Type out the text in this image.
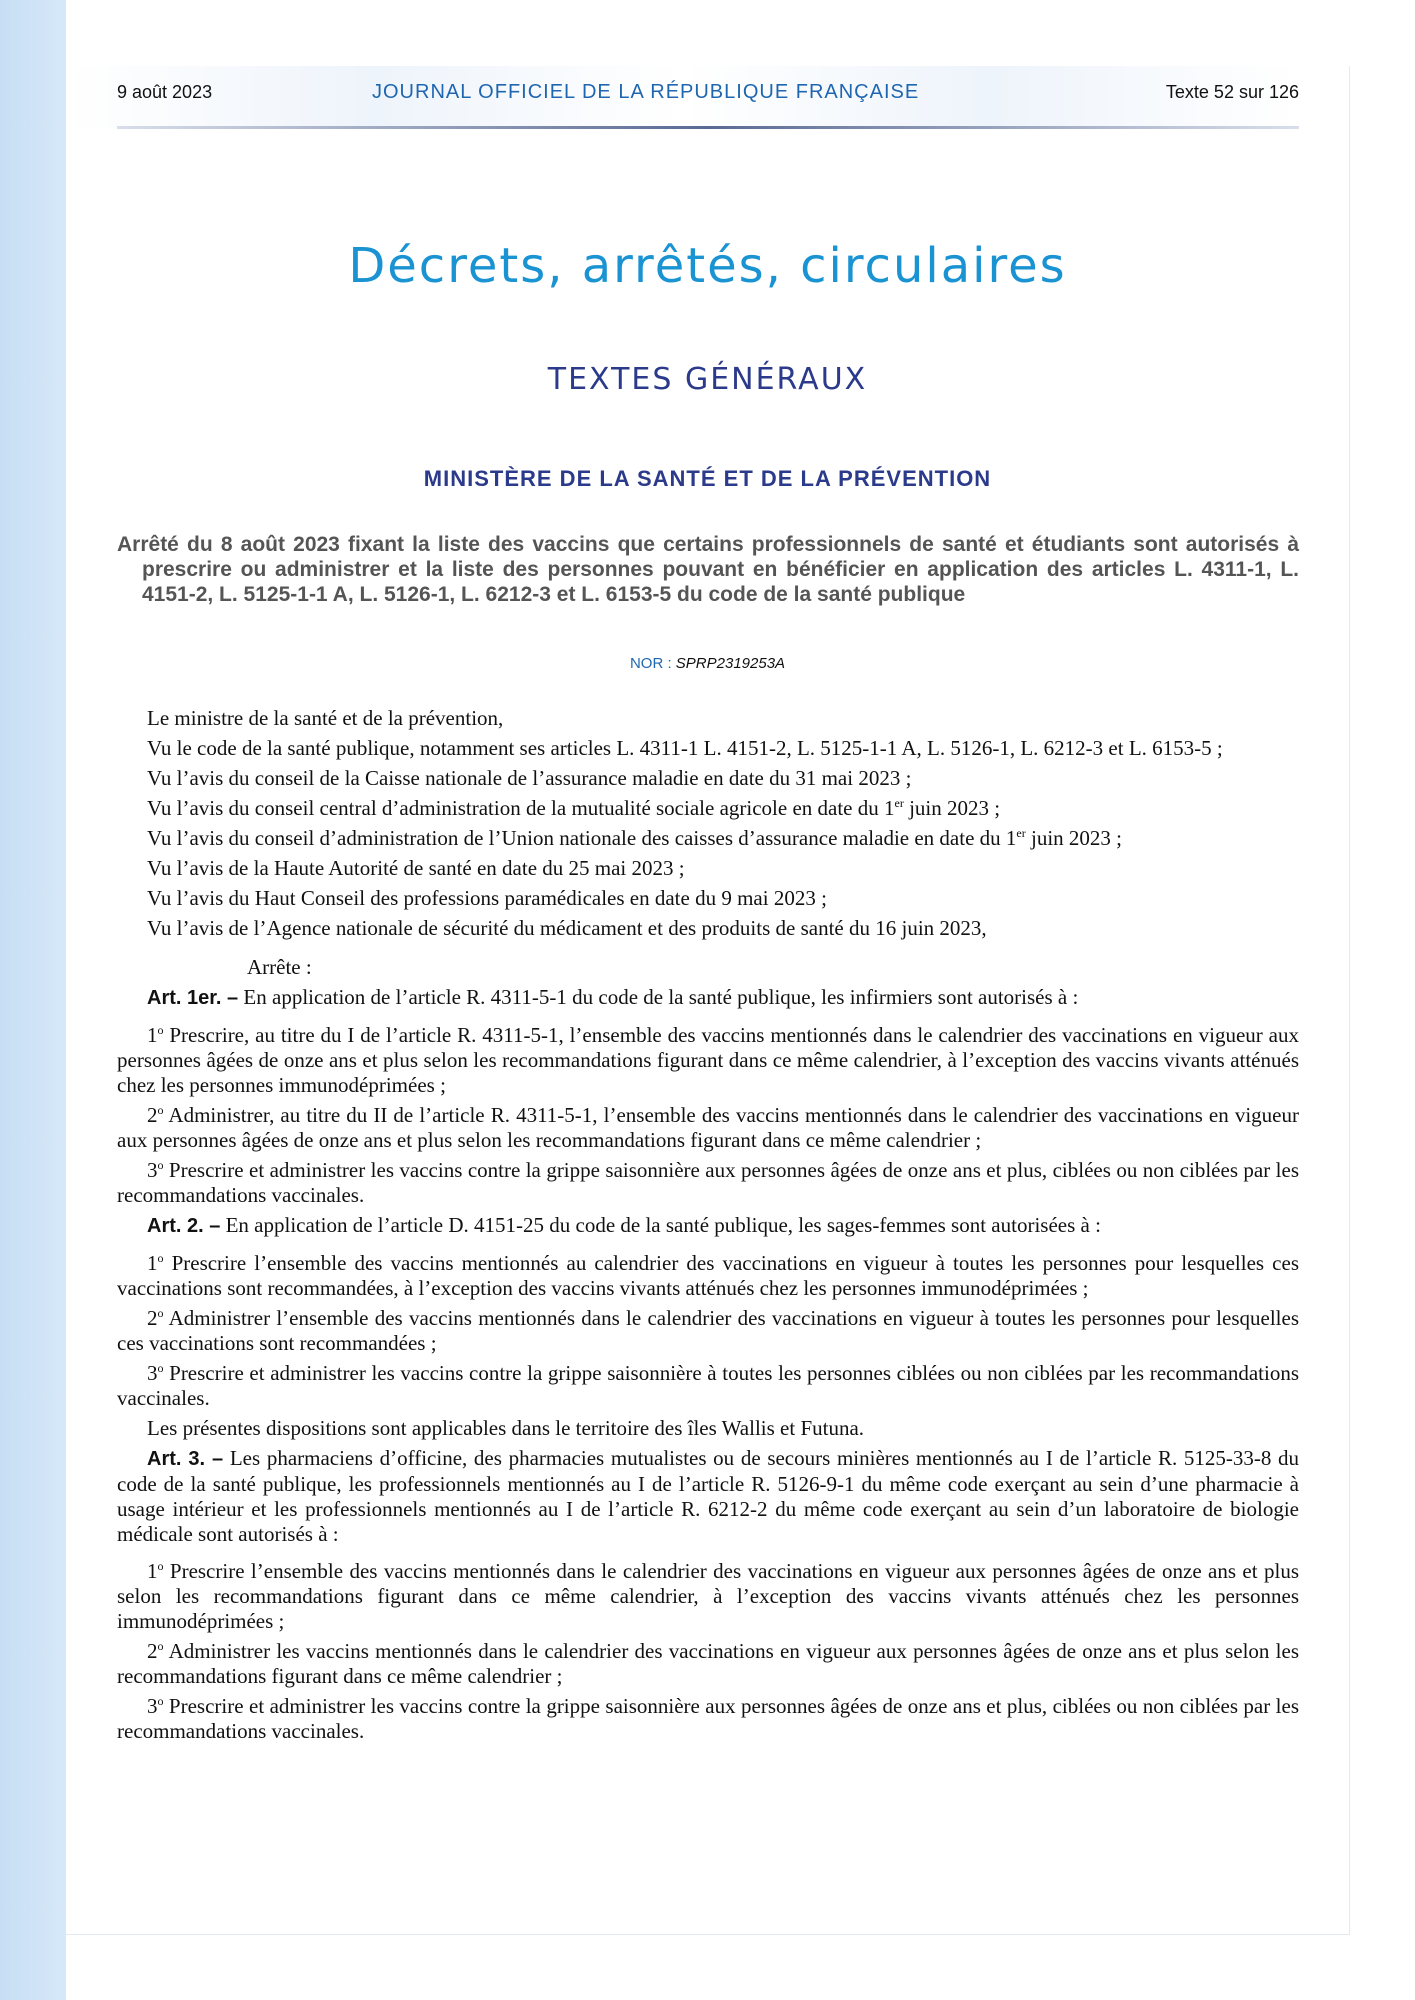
9 août 2023	JOURNAL OFFICIEL DE LA RÉPUBLIQUE FRANÇAISE	Texte 52 sur 126
Décrets, arrêtés, circulaires
TEXTES GÉNÉRAUX
MINISTÈRE DE LA SANTÉ ET DE LA PRÉVENTION
Arrêté du 8 août 2023 fixant la liste des vaccins que certains professionnels de santé et étudiants sont autorisés à prescrire ou administrer et la liste des personnes pouvant en bénéficier en application des articles L. 4311-1, L. 4151-2, L. 5125-1-1 A, L. 5126-1, L. 6212-3 et L. 6153-5 du code de la santé publique
NOR : SPRP2319253A

Le ministre de la santé et de la prévention,

Vu le code de la santé publique, notamment ses articles L. 4311-1 L. 4151-2, L. 5125-1-1 A, L. 5126-1, L. 6212-3 et L. 6153-5 ;

Vu l’avis du conseil de la Caisse nationale de l’assurance maladie en date du 31 mai 2023 ;

Vu l’avis du conseil central d’administration de la mutualité sociale agricole en date du 1er juin 2023 ;

Vu l’avis du conseil d’administration de l’Union nationale des caisses d’assurance maladie en date du 1er juin 2023 ;

Vu l’avis de la Haute Autorité de santé en date du 25 mai 2023 ;

Vu l’avis du Haut Conseil des professions paramédicales en date du 9 mai 2023 ;

Vu l’avis de l’Agence nationale de sécurité du médicament et des produits de santé du 16 juin 2023,

Arrête :

Art. 1er. – En application de l’article R. 4311-5-1 du code de la santé publique, les infirmiers sont autorisés à :

1$^o$ Prescrire, au titre du I de l’article R. 4311-5-1, l’ensemble des vaccins mentionnés dans le calendrier des vaccinations en vigueur aux personnes âgées de onze ans et plus selon les recommandations figurant dans ce même calendrier, à l’exception des vaccins vivants atténués chez les personnes immunodéprimées ;

2$^o$ Administrer, au titre du II de l’article R. 4311-5-1, l’ensemble des vaccins mentionnés dans le calendrier des vaccinations en vigueur aux personnes âgées de onze ans et plus selon les recommandations figurant dans ce même calendrier ;

3$^o$ Prescrire et administrer les vaccins contre la grippe saisonnière aux personnes âgées de onze ans et plus, ciblées ou non ciblées par les recommandations vaccinales.

Art. 2. – En application de l’article D. 4151-25 du code de la santé publique, les sages-femmes sont autorisées à :

1$^o$ Prescrire l’ensemble des vaccins mentionnés au calendrier des vaccinations en vigueur à toutes les personnes pour lesquelles ces vaccinations sont recommandées, à l’exception des vaccins vivants atténués chez les personnes immunodéprimées ;

2$^o$ Administrer l’ensemble des vaccins mentionnés dans le calendrier des vaccinations en vigueur à toutes les personnes pour lesquelles ces vaccinations sont recommandées ;

3$^o$ Prescrire et administrer les vaccins contre la grippe saisonnière à toutes les personnes ciblées ou non ciblées par les recommandations vaccinales.

Les présentes dispositions sont applicables dans le territoire des îles Wallis et Futuna.

Art. 3. – Les pharmaciens d’officine, des pharmacies mutualistes ou de secours minières mentionnés au I de l’article R. 5125-33-8 du code de la santé publique, les professionnels mentionnés au I de l’article R. 5126-9-1 du même code exerçant au sein d’une pharmacie à usage intérieur et les professionnels mentionnés au I de l’article R. 6212-2 du même code exerçant au sein d’un laboratoire de biologie médicale sont autorisés à :

1$^o$ Prescrire l’ensemble des vaccins mentionnés dans le calendrier des vaccinations en vigueur aux personnes âgées de onze ans et plus selon les recommandations figurant dans ce même calendrier, à l’exception des vaccins vivants atténués chez les personnes immunodéprimées ;

2$^o$ Administrer les vaccins mentionnés dans le calendrier des vaccinations en vigueur aux personnes âgées de onze ans et plus selon les recommandations figurant dans ce même calendrier ;

3$^o$ Prescrire et administrer les vaccins contre la grippe saisonnière aux personnes âgées de onze ans et plus, ciblées ou non ciblées par les recommandations vaccinales.
